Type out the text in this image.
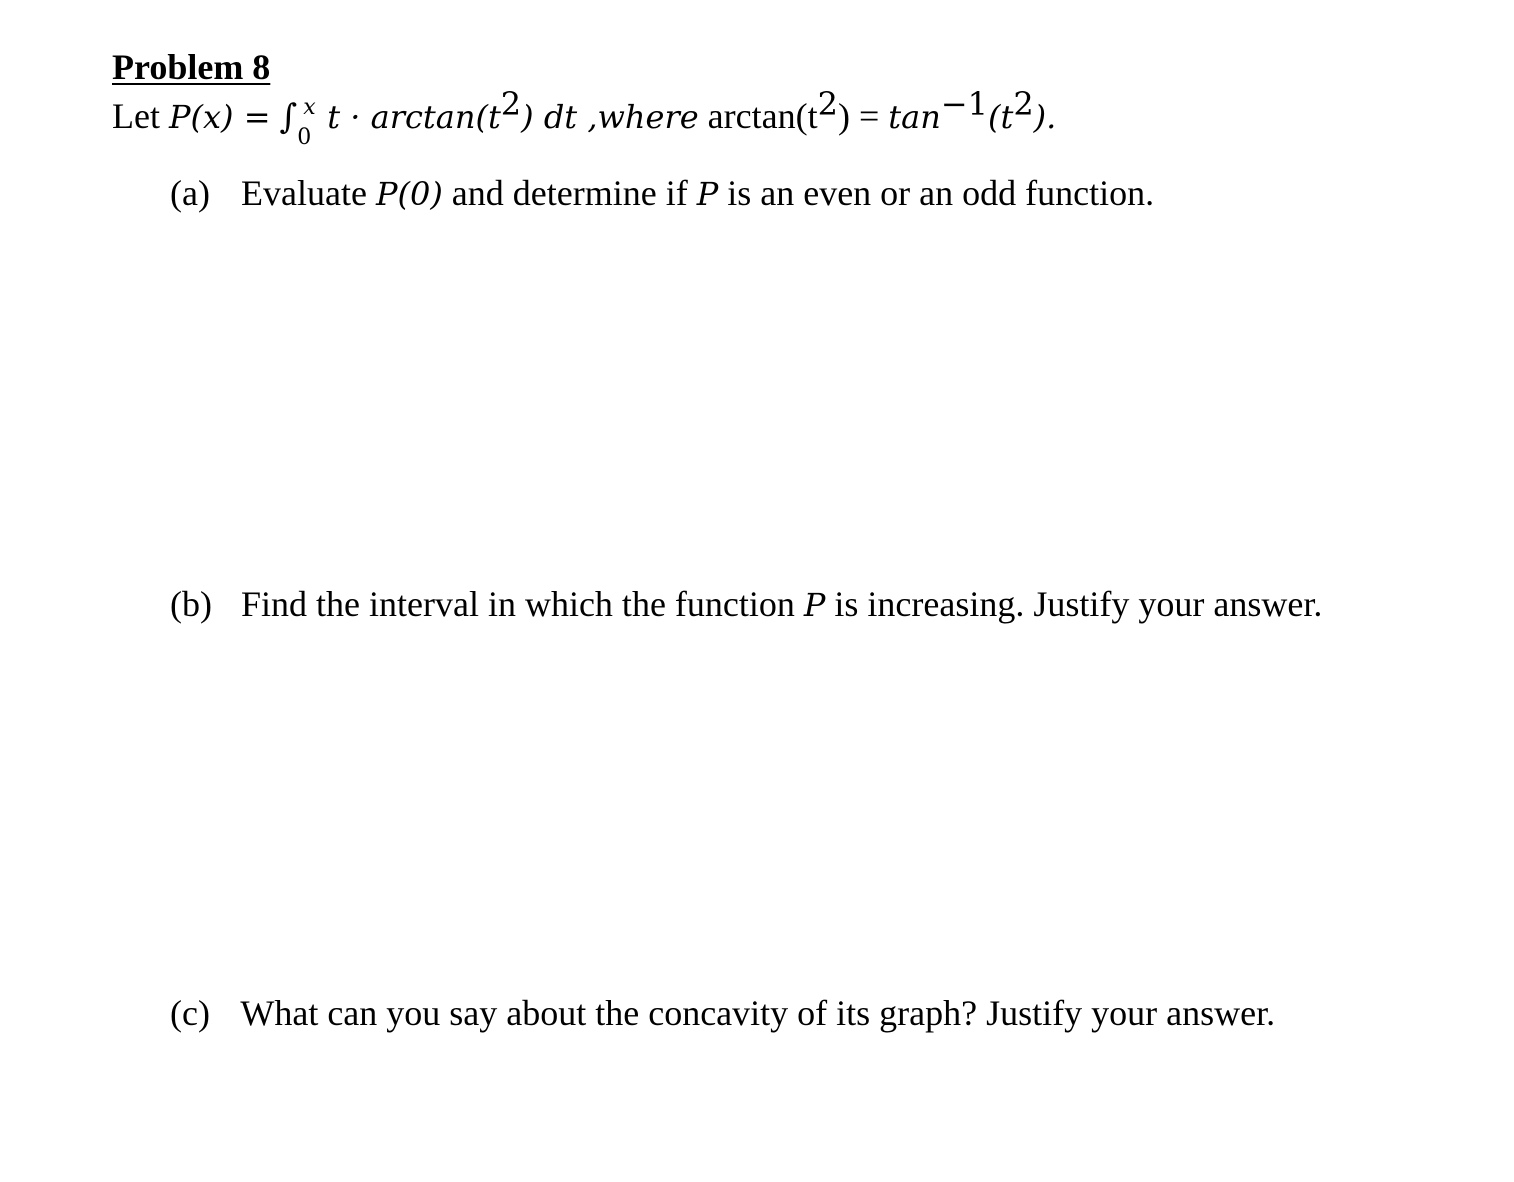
Problem 8
Let P(x) = ∫ x
0
$t \cdot \arctan(t^2)$ dt ,where $\arctan(t^2) = \tan^{-1}(t^2)$.
(a) Evaluate P(0) and determine if P is an even or an odd function.
(b) Find the interval in which the function P is increasing. Justify your answer.
(c) What can you say about the concavity of its graph? Justify your answer.
